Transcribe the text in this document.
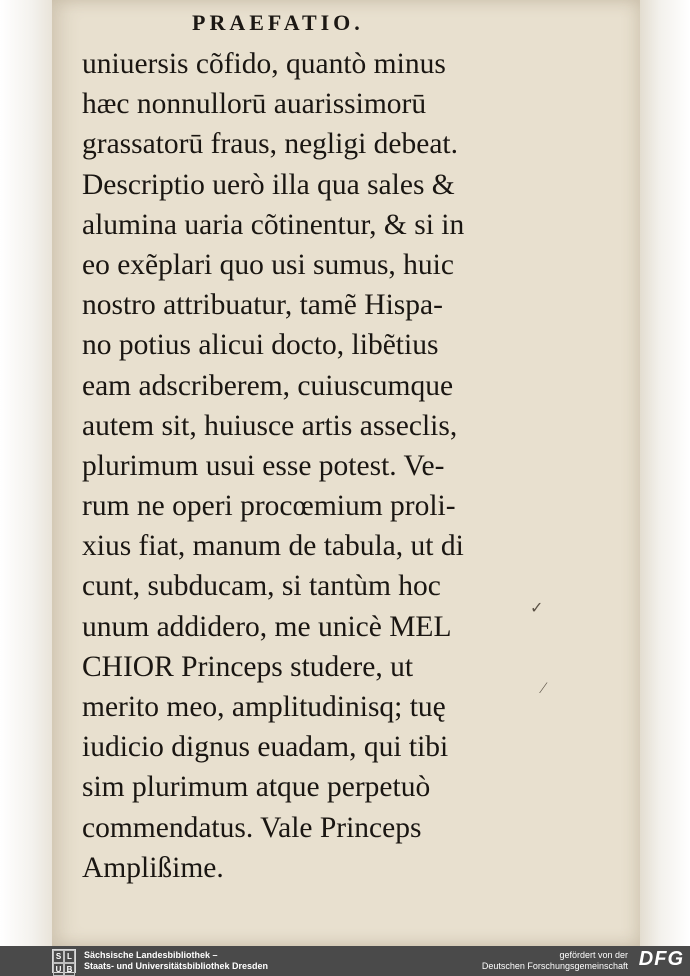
PRAEFATIO.
uniuersis cõfido, quantò minus
hæc nonnullorū auarissimorū
grassatorū fraus, negligi debeat.
Descriptio uerò illa qua sales &
alumina uaria cõtinentur, & si in
eo exẽplari quo usi sumus, huic
nostro attribuatur, tamẽ Hispa-
no potius alicui docto, libẽtius
eam adscriberem, cuiuscumque
autem sit, huiusce artis asseclis,
plurimum usui esse potest. Ve-
rum ne operi procœmium proli-
xius fiat, manum de tabula, ut di
cunt, subducam, si tantùm hoc
unum addidero, me unicè MEL
CHIOR Princeps studere, ut
merito meo, amplitudinisq; tuę
iudicio dignus euadam, qui tibi
sim plurimum atque perpetuò
commendatus. Vale Princeps
Amplißime.
✓
⁄
S L
U B
Sächsische Landesbibliothek –
Staats- und Universitätsbibliothek Dresden
gefördert von der
Deutschen Forschungsgemeinschaft DFG
